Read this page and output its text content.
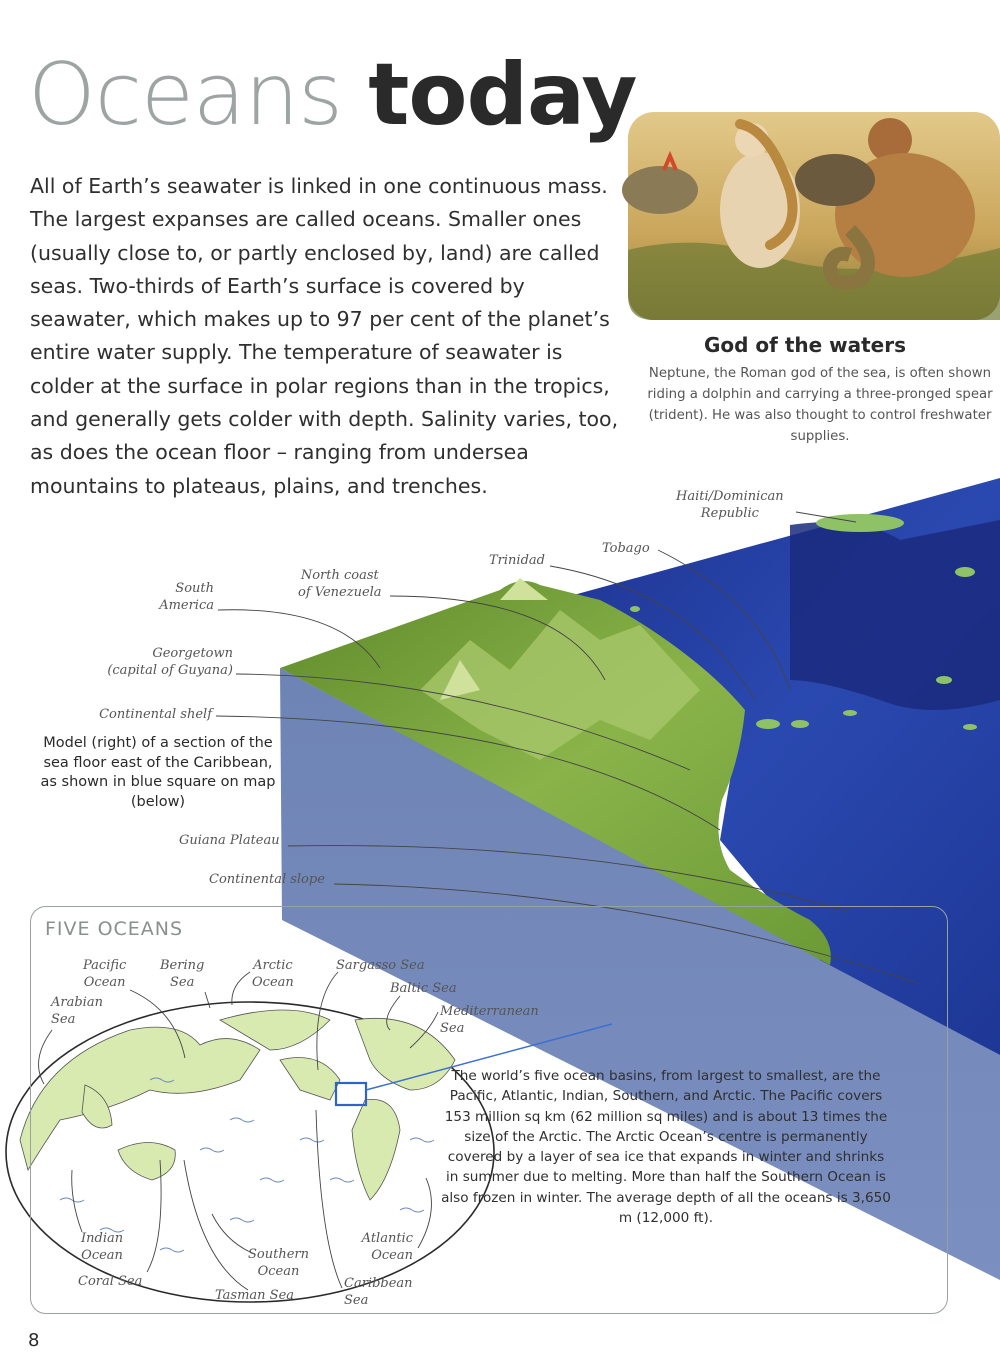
Oceans today
All of Earth’s seawater is linked in one continuous mass. The largest expanses are called oceans. Smaller ones (usually close to, or partly enclosed by, land) are called seas. Two-thirds of Earth’s surface is covered by seawater, which makes up to 97 per cent of the planet’s entire water supply. The temperature of seawater is colder at the surface in polar regions than in the tropics, and generally gets colder with depth. Salinity varies, too, as does the ocean floor – ranging from undersea mountains to plateaus, plains, and trenches.
God of the waters
Neptune, the Roman god of the sea, is often shown riding a dolphin and carrying a three-pronged spear (trident). He was also thought to control freshwater supplies.
Haiti/Dominican
Republic
Tobago
Trinidad
North coast
of Venezuela
South
America
Georgetown
(capital of Guyana)
Continental shelf
Guiana Plateau
Continental slope
Model (right) of a section of the sea floor east of the Caribbean, as shown in blue square on map (below)
FIVE OCEANS
Pacific
Ocean
Bering
Sea
Arctic
Ocean
Sargasso Sea
Baltic Sea
Mediterranean
Sea
Arabian
Sea
Indian
Ocean
Coral Sea
Tasman Sea
Southern
Ocean
Atlantic
Ocean
Caribbean
Sea
The world’s five ocean basins, from largest to smallest, are the Pacific, Atlantic, Indian, Southern, and Arctic. The Pacific covers 153 million sq km (62 million sq miles) and is about 13 times the size of the Arctic. The Arctic Ocean’s centre is permanently covered by a layer of sea ice that expands in winter and shrinks in summer due to melting. More than half the Southern Ocean is also frozen in winter. The average depth of all the oceans is 3,650 m (12,000 ft).
8
